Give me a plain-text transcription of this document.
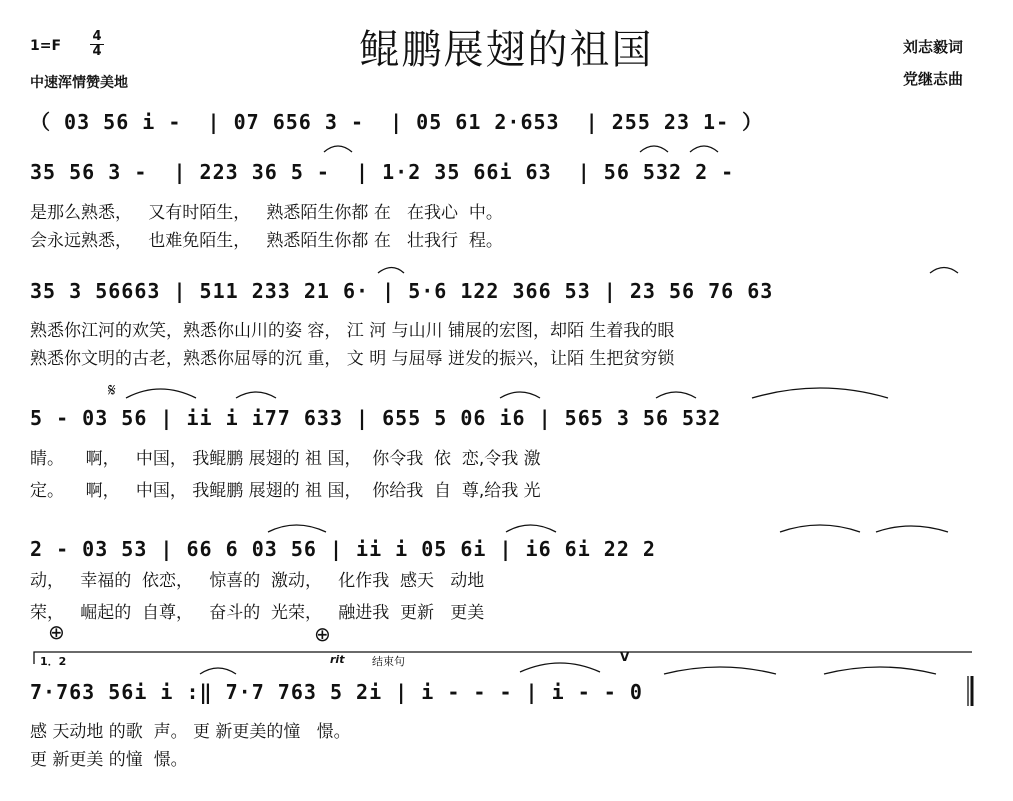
鲲鹏展翅的祖国
1=F
4
4
中速浑情赞美地
刘志毅词
党继志曲
（ 03 56 i -  | 07 656 3 -  | 05 61 2·653  | 255 23 1- ）
35 56 3 -  | 223 36 5 -  | 1·2 35 66i 63  | 56 532 2 -
是那么熟悉，   又有时陌生，   熟悉陌生你都 在   在我心  中。
会永远熟悉，   也难免陌生，   熟悉陌生你都 在   壮我行  程。
35 3 56663 | 511 233 21 6· | 5·6 122 366 53 | 23 56 76 63
熟悉你江河的欢笑，熟悉你山川的姿 容， 江 河 与山川 铺展的宏图，却陌 生着我的眼
熟悉你文明的古老，熟悉你屈辱的沉 重， 文 明 与屈辱 迸发的振兴，让陌 生把贫穷锁
𝄋
5 - 03 56 | ii i i77 633 | 655 5 06 i6 | 565 3 56 532
睛。    啊，   中国， 我鲲鹏 展翅的 祖 国，  你令我  依  恋,令我 激
定。    啊，   中国， 我鲲鹏 展翅的 祖 国，  你给我  自  尊,给我 光
2 - 03 53 | 66 6 03 56 | ii i 05 6i | i6 6i 22 2
动，   幸福的  依恋，   惊喜的  激动，   化作我  感天   动地
荣，   崛起的  自尊，   奋斗的  光荣，   融进我  更新   更美
⊕	⊕
1．2	rit	结束句	V
7·763 56i i :‖ 7·7 763 5 2i | i - - - | i - - 0
感 天动地 的歌  声。 更 新更美的憧   憬。
更 新更美 的憧  憬。
